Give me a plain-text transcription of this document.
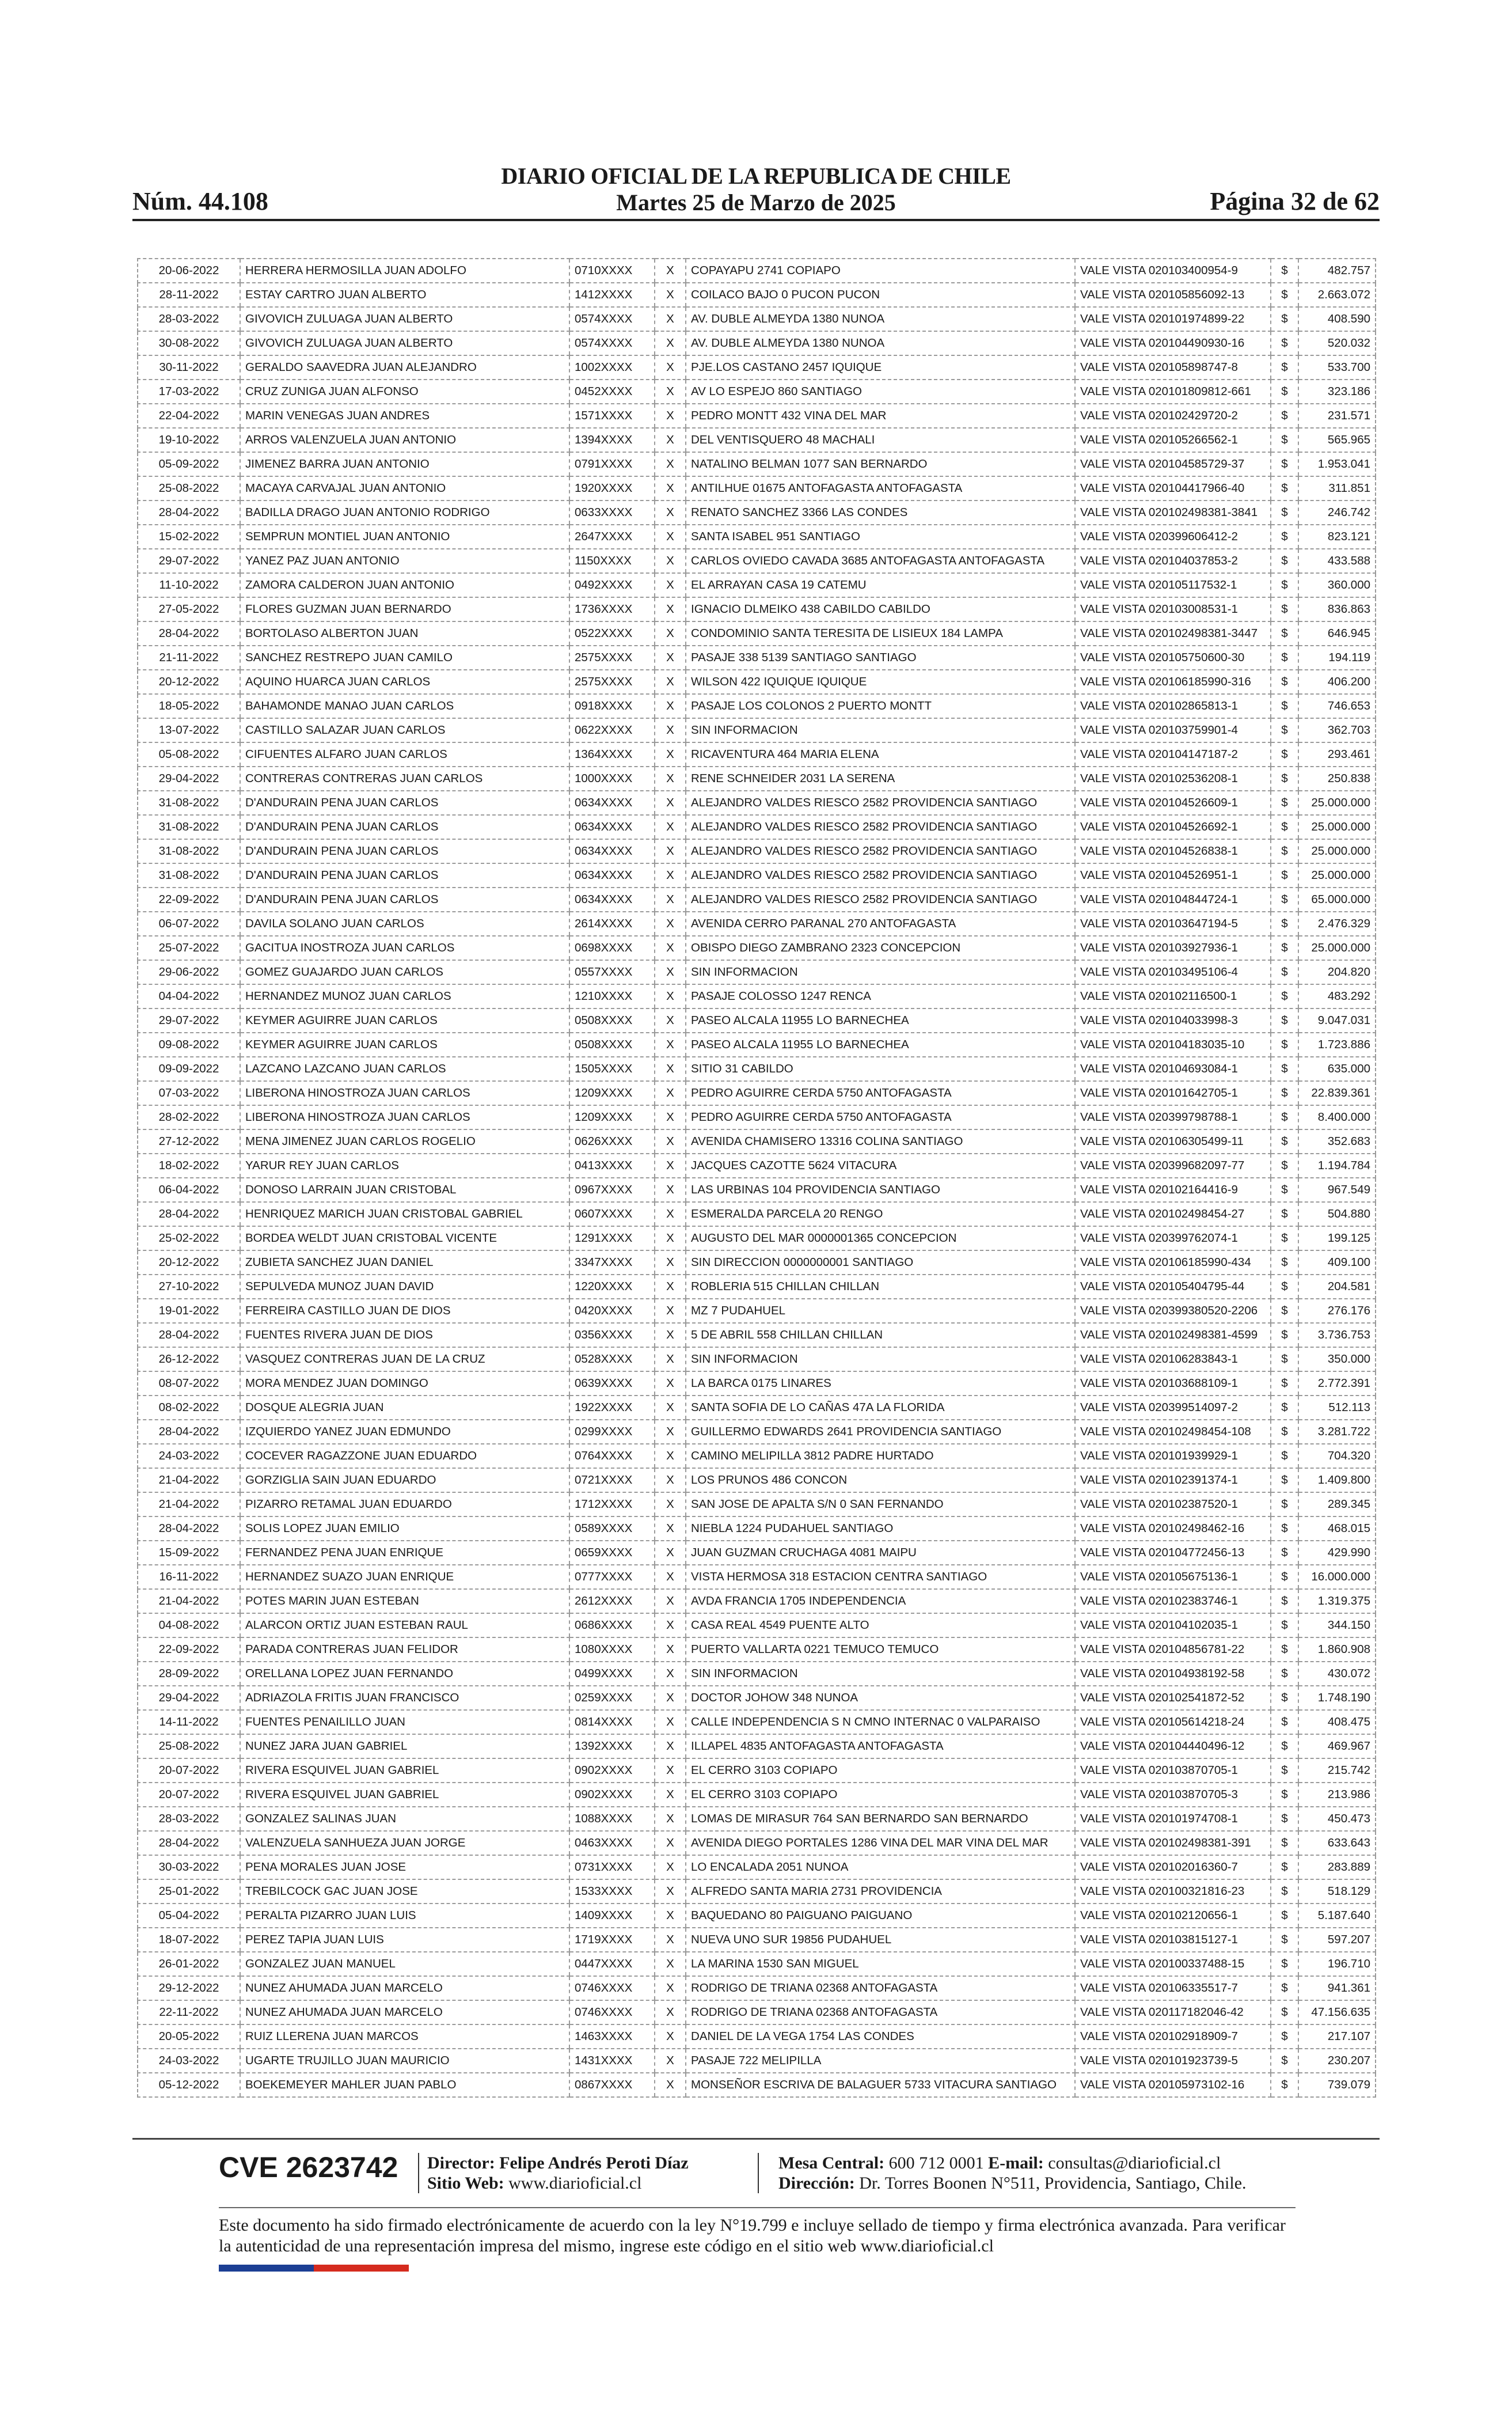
DIARIO OFICIAL DE LA REPUBLICA DE CHILE
Núm. 44.108	Martes 25 de Marzo de 2025	Página 32 de 62
20-06-2022	HERRERA HERMOSILLA JUAN ADOLFO	0710XXXX	X	COPAYAPU 2741 COPIAPO	VALE VISTA 020103400954-9	$	482.757
28-11-2022	ESTAY CARTRO JUAN ALBERTO	1412XXXX	X	COILACO BAJO 0 PUCON PUCON	VALE VISTA 020105856092-13	$	2.663.072
28-03-2022	GIVOVICH ZULUAGA JUAN ALBERTO	0574XXXX	X	AV. DUBLE ALMEYDA 1380 NUNOA	VALE VISTA 020101974899-22	$	408.590
30-08-2022	GIVOVICH ZULUAGA JUAN ALBERTO	0574XXXX	X	AV. DUBLE ALMEYDA 1380 NUNOA	VALE VISTA 020104490930-16	$	520.032
30-11-2022	GERALDO SAAVEDRA JUAN ALEJANDRO	1002XXXX	X	PJE.LOS CASTANO 2457 IQUIQUE	VALE VISTA 020105898747-8	$	533.700
17-03-2022	CRUZ ZUNIGA JUAN ALFONSO	0452XXXX	X	AV LO ESPEJO 860 SANTIAGO	VALE VISTA 020101809812-661	$	323.186
22-04-2022	MARIN VENEGAS JUAN ANDRES	1571XXXX	X	PEDRO MONTT 432 VINA DEL MAR	VALE VISTA 020102429720-2	$	231.571
19-10-2022	ARROS VALENZUELA JUAN ANTONIO	1394XXXX	X	DEL VENTISQUERO 48 MACHALI	VALE VISTA 020105266562-1	$	565.965
05-09-2022	JIMENEZ BARRA JUAN ANTONIO	0791XXXX	X	NATALINO BELMAN 1077 SAN BERNARDO	VALE VISTA 020104585729-37	$	1.953.041
25-08-2022	MACAYA CARVAJAL JUAN ANTONIO	1920XXXX	X	ANTILHUE 01675 ANTOFAGASTA ANTOFAGASTA	VALE VISTA 020104417966-40	$	311.851
28-04-2022	BADILLA DRAGO JUAN ANTONIO RODRIGO	0633XXXX	X	RENATO SANCHEZ 3366 LAS CONDES	VALE VISTA 020102498381-3841	$	246.742
15-02-2022	SEMPRUN MONTIEL JUAN ANTONIO	2647XXXX	X	SANTA ISABEL 951 SANTIAGO	VALE VISTA 020399606412-2	$	823.121
29-07-2022	YANEZ PAZ JUAN ANTONIO	1150XXXX	X	CARLOS OVIEDO CAVADA 3685 ANTOFAGASTA ANTOFAGASTA	VALE VISTA 020104037853-2	$	433.588
11-10-2022	ZAMORA CALDERON JUAN ANTONIO	0492XXXX	X	EL ARRAYAN CASA 19 CATEMU	VALE VISTA 020105117532-1	$	360.000
27-05-2022	FLORES GUZMAN JUAN BERNARDO	1736XXXX	X	IGNACIO DLMEIKO 438 CABILDO CABILDO	VALE VISTA 020103008531-1	$	836.863
28-04-2022	BORTOLASO ALBERTON JUAN	0522XXXX	X	CONDOMINIO SANTA TERESITA DE LISIEUX 184 LAMPA	VALE VISTA 020102498381-3447	$	646.945
21-11-2022	SANCHEZ RESTREPO JUAN CAMILO	2575XXXX	X	PASAJE 338 5139 SANTIAGO SANTIAGO	VALE VISTA 020105750600-30	$	194.119
20-12-2022	AQUINO HUARCA JUAN CARLOS	2575XXXX	X	WILSON 422 IQUIQUE IQUIQUE	VALE VISTA 020106185990-316	$	406.200
18-05-2022	BAHAMONDE MANAO JUAN CARLOS	0918XXXX	X	PASAJE LOS COLONOS 2 PUERTO MONTT	VALE VISTA 020102865813-1	$	746.653
13-07-2022	CASTILLO SALAZAR JUAN CARLOS	0622XXXX	X	SIN INFORMACION	VALE VISTA 020103759901-4	$	362.703
05-08-2022	CIFUENTES ALFARO JUAN CARLOS	1364XXXX	X	RICAVENTURA 464 MARIA ELENA	VALE VISTA 020104147187-2	$	293.461
29-04-2022	CONTRERAS CONTRERAS JUAN CARLOS	1000XXXX	X	RENE SCHNEIDER 2031 LA SERENA	VALE VISTA 020102536208-1	$	250.838
31-08-2022	D'ANDURAIN PENA JUAN CARLOS	0634XXXX	X	ALEJANDRO VALDES RIESCO 2582 PROVIDENCIA SANTIAGO	VALE VISTA 020104526609-1	$	25.000.000
31-08-2022	D'ANDURAIN PENA JUAN CARLOS	0634XXXX	X	ALEJANDRO VALDES RIESCO 2582 PROVIDENCIA SANTIAGO	VALE VISTA 020104526692-1	$	25.000.000
31-08-2022	D'ANDURAIN PENA JUAN CARLOS	0634XXXX	X	ALEJANDRO VALDES RIESCO 2582 PROVIDENCIA SANTIAGO	VALE VISTA 020104526838-1	$	25.000.000
31-08-2022	D'ANDURAIN PENA JUAN CARLOS	0634XXXX	X	ALEJANDRO VALDES RIESCO 2582 PROVIDENCIA SANTIAGO	VALE VISTA 020104526951-1	$	25.000.000
22-09-2022	D'ANDURAIN PENA JUAN CARLOS	0634XXXX	X	ALEJANDRO VALDES RIESCO 2582 PROVIDENCIA SANTIAGO	VALE VISTA 020104844724-1	$	65.000.000
06-07-2022	DAVILA SOLANO JUAN CARLOS	2614XXXX	X	AVENIDA CERRO PARANAL 270 ANTOFAGASTA	VALE VISTA 020103647194-5	$	2.476.329
25-07-2022	GACITUA INOSTROZA JUAN CARLOS	0698XXXX	X	OBISPO DIEGO ZAMBRANO 2323 CONCEPCION	VALE VISTA 020103927936-1	$	25.000.000
29-06-2022	GOMEZ GUAJARDO JUAN CARLOS	0557XXXX	X	SIN INFORMACION	VALE VISTA 020103495106-4	$	204.820
04-04-2022	HERNANDEZ MUNOZ JUAN CARLOS	1210XXXX	X	PASAJE COLOSSO 1247 RENCA	VALE VISTA 020102116500-1	$	483.292
29-07-2022	KEYMER AGUIRRE JUAN CARLOS	0508XXXX	X	PASEO ALCALA 11955 LO BARNECHEA	VALE VISTA 020104033998-3	$	9.047.031
09-08-2022	KEYMER AGUIRRE JUAN CARLOS	0508XXXX	X	PASEO ALCALA 11955 LO BARNECHEA	VALE VISTA 020104183035-10	$	1.723.886
09-09-2022	LAZCANO LAZCANO JUAN CARLOS	1505XXXX	X	SITIO 31 CABILDO	VALE VISTA 020104693084-1	$	635.000
07-03-2022	LIBERONA HINOSTROZA JUAN CARLOS	1209XXXX	X	PEDRO AGUIRRE CERDA 5750 ANTOFAGASTA	VALE VISTA 020101642705-1	$	22.839.361
28-02-2022	LIBERONA HINOSTROZA JUAN CARLOS	1209XXXX	X	PEDRO AGUIRRE CERDA 5750 ANTOFAGASTA	VALE VISTA 020399798788-1	$	8.400.000
27-12-2022	MENA JIMENEZ JUAN CARLOS ROGELIO	0626XXXX	X	AVENIDA CHAMISERO 13316 COLINA SANTIAGO	VALE VISTA 020106305499-11	$	352.683
18-02-2022	YARUR REY JUAN CARLOS	0413XXXX	X	JACQUES CAZOTTE 5624 VITACURA	VALE VISTA 020399682097-77	$	1.194.784
06-04-2022	DONOSO LARRAIN JUAN CRISTOBAL	0967XXXX	X	LAS URBINAS 104 PROVIDENCIA SANTIAGO	VALE VISTA 020102164416-9	$	967.549
28-04-2022	HENRIQUEZ MARICH JUAN CRISTOBAL GABRIEL	0607XXXX	X	ESMERALDA PARCELA 20 RENGO	VALE VISTA 020102498454-27	$	504.880
25-02-2022	BORDEA WELDT JUAN CRISTOBAL VICENTE	1291XXXX	X	AUGUSTO DEL MAR 0000001365 CONCEPCION	VALE VISTA 020399762074-1	$	199.125
20-12-2022	ZUBIETA SANCHEZ JUAN DANIEL	3347XXXX	X	SIN DIRECCION 0000000001 SANTIAGO	VALE VISTA 020106185990-434	$	409.100
27-10-2022	SEPULVEDA MUNOZ JUAN DAVID	1220XXXX	X	ROBLERIA 515 CHILLAN CHILLAN	VALE VISTA 020105404795-44	$	204.581
19-01-2022	FERREIRA CASTILLO JUAN DE DIOS	0420XXXX	X	MZ 7 PUDAHUEL	VALE VISTA 020399380520-2206	$	276.176
28-04-2022	FUENTES RIVERA JUAN DE DIOS	0356XXXX	X	5 DE ABRIL 558 CHILLAN CHILLAN	VALE VISTA 020102498381-4599	$	3.736.753
26-12-2022	VASQUEZ CONTRERAS JUAN DE LA CRUZ	0528XXXX	X	SIN INFORMACION	VALE VISTA 020106283843-1	$	350.000
08-07-2022	MORA MENDEZ JUAN DOMINGO	0639XXXX	X	LA BARCA 0175 LINARES	VALE VISTA 020103688109-1	$	2.772.391
08-02-2022	DOSQUE ALEGRIA JUAN	1922XXXX	X	SANTA SOFIA DE LO CAÑAS 47A LA FLORIDA	VALE VISTA 020399514097-2	$	512.113
28-04-2022	IZQUIERDO YANEZ JUAN EDMUNDO	0299XXXX	X	GUILLERMO EDWARDS 2641 PROVIDENCIA SANTIAGO	VALE VISTA 020102498454-108	$	3.281.722
24-03-2022	COCEVER RAGAZZONE JUAN EDUARDO	0764XXXX	X	CAMINO MELIPILLA 3812 PADRE HURTADO	VALE VISTA 020101939929-1	$	704.320
21-04-2022	GORZIGLIA SAIN JUAN EDUARDO	0721XXXX	X	LOS PRUNOS 486 CONCON	VALE VISTA 020102391374-1	$	1.409.800
21-04-2022	PIZARRO RETAMAL JUAN EDUARDO	1712XXXX	X	SAN JOSE DE APALTA S/N 0 SAN FERNANDO	VALE VISTA 020102387520-1	$	289.345
28-04-2022	SOLIS LOPEZ JUAN EMILIO	0589XXXX	X	NIEBLA 1224 PUDAHUEL SANTIAGO	VALE VISTA 020102498462-16	$	468.015
15-09-2022	FERNANDEZ PENA JUAN ENRIQUE	0659XXXX	X	JUAN GUZMAN CRUCHAGA 4081 MAIPU	VALE VISTA 020104772456-13	$	429.990
16-11-2022	HERNANDEZ SUAZO JUAN ENRIQUE	0777XXXX	X	VISTA HERMOSA 318 ESTACION CENTRA SANTIAGO	VALE VISTA 020105675136-1	$	16.000.000
21-04-2022	POTES MARIN JUAN ESTEBAN	2612XXXX	X	AVDA FRANCIA 1705 INDEPENDENCIA	VALE VISTA 020102383746-1	$	1.319.375
04-08-2022	ALARCON ORTIZ JUAN ESTEBAN RAUL	0686XXXX	X	CASA REAL 4549 PUENTE ALTO	VALE VISTA 020104102035-1	$	344.150
22-09-2022	PARADA CONTRERAS JUAN FELIDOR	1080XXXX	X	PUERTO VALLARTA 0221 TEMUCO TEMUCO	VALE VISTA 020104856781-22	$	1.860.908
28-09-2022	ORELLANA LOPEZ JUAN FERNANDO	0499XXXX	X	SIN INFORMACION	VALE VISTA 020104938192-58	$	430.072
29-04-2022	ADRIAZOLA FRITIS JUAN FRANCISCO	0259XXXX	X	DOCTOR JOHOW 348 NUNOA	VALE VISTA 020102541872-52	$	1.748.190
14-11-2022	FUENTES PENAILILLO JUAN	0814XXXX	X	CALLE INDEPENDENCIA S N CMNO INTERNAC 0 VALPARAISO	VALE VISTA 020105614218-24	$	408.475
25-08-2022	NUNEZ JARA JUAN GABRIEL	1392XXXX	X	ILLAPEL 4835 ANTOFAGASTA ANTOFAGASTA	VALE VISTA 020104440496-12	$	469.967
20-07-2022	RIVERA ESQUIVEL JUAN GABRIEL	0902XXXX	X	EL CERRO 3103 COPIAPO	VALE VISTA 020103870705-1	$	215.742
20-07-2022	RIVERA ESQUIVEL JUAN GABRIEL	0902XXXX	X	EL CERRO 3103 COPIAPO	VALE VISTA 020103870705-3	$	213.986
28-03-2022	GONZALEZ SALINAS JUAN	1088XXXX	X	LOMAS DE MIRASUR 764 SAN BERNARDO SAN BERNARDO	VALE VISTA 020101974708-1	$	450.473
28-04-2022	VALENZUELA SANHUEZA JUAN JORGE	0463XXXX	X	AVENIDA DIEGO PORTALES 1286 VINA DEL MAR VINA DEL MAR	VALE VISTA 020102498381-391	$	633.643
30-03-2022	PENA MORALES JUAN JOSE	0731XXXX	X	LO ENCALADA 2051 NUNOA	VALE VISTA 020102016360-7	$	283.889
25-01-2022	TREBILCOCK GAC JUAN JOSE	1533XXXX	X	ALFREDO SANTA MARIA 2731 PROVIDENCIA	VALE VISTA 020100321816-23	$	518.129
05-04-2022	PERALTA PIZARRO JUAN LUIS	1409XXXX	X	BAQUEDANO 80 PAIGUANO PAIGUANO	VALE VISTA 020102120656-1	$	5.187.640
18-07-2022	PEREZ TAPIA JUAN LUIS	1719XXXX	X	NUEVA UNO SUR 19856 PUDAHUEL	VALE VISTA 020103815127-1	$	597.207
26-01-2022	GONZALEZ JUAN MANUEL	0447XXXX	X	LA MARINA 1530 SAN MIGUEL	VALE VISTA 020100337488-15	$	196.710
29-12-2022	NUNEZ AHUMADA JUAN MARCELO	0746XXXX	X	RODRIGO DE TRIANA 02368 ANTOFAGASTA	VALE VISTA 020106335517-7	$	941.361
22-11-2022	NUNEZ AHUMADA JUAN MARCELO	0746XXXX	X	RODRIGO DE TRIANA 02368 ANTOFAGASTA	VALE VISTA 020117182046-42	$	47.156.635
20-05-2022	RUIZ LLERENA JUAN MARCOS	1463XXXX	X	DANIEL DE LA VEGA 1754 LAS CONDES	VALE VISTA 020102918909-7	$	217.107
24-03-2022	UGARTE TRUJILLO JUAN MAURICIO	1431XXXX	X	PASAJE 722 MELIPILLA	VALE VISTA 020101923739-5	$	230.207
05-12-2022	BOEKEMEYER MAHLER JUAN PABLO	0867XXXX	X	MONSEÑOR ESCRIVA DE BALAGUER 5733 VITACURA SANTIAGO	VALE VISTA 020105973102-16	$	739.079
CVE 2623742 Director: Felipe Andrés Peroti Díaz
Sitio Web: www.diarioficial.cl
Mesa Central: 600 712 0001 E-mail: consultas@diarioficial.cl
Dirección: Dr. Torres Boonen N°511, Providencia, Santiago, Chile.
Este documento ha sido firmado electrónicamente de acuerdo con la ley N°19.799 e incluye sellado de tiempo y firma electrónica avanzada. Para verificar la autenticidad de una representación impresa del mismo, ingrese este código en el sitio web www.diarioficial.cl
